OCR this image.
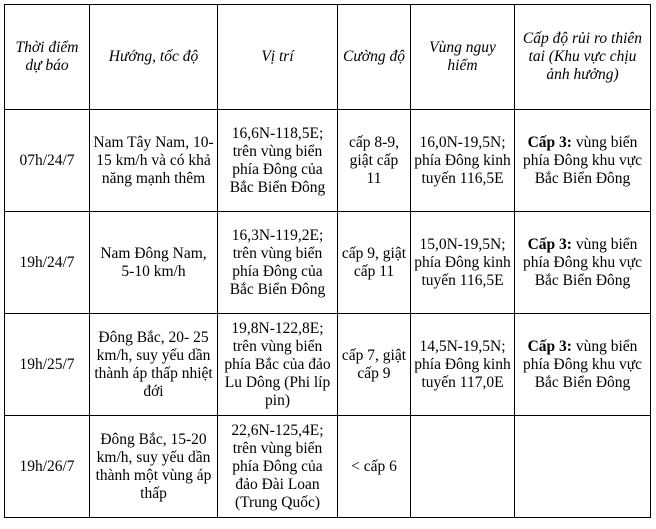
Thời điểm dự báo	Hướng, tốc độ	Vị trí	Cường độ	Vùng nguy hiểm	Cấp độ rủi ro thiên tai (Khu vực chịu ảnh hưởng)
07h/24/7	Nam Tây Nam, 10-15 km/h và có khả năng mạnh thêm	16,6N-118,5E; trên vùng biển phía Đông của Bắc Biển Đông	cấp 8-9, giật cấp 11	16,0N-19,5N; phía Đông kinh tuyến 116,5E	Cấp 3: vùng biển phía Đông khu vực Bắc Biển Đông
19h/24/7	Nam Đông Nam, 5-10 km/h	16,3N-119,2E; trên vùng biển phía Đông của Bắc Biển Đông	cấp 9, giật cấp 11	15,0N-19,5N; phía Đông kinh tuyến 116,5E	Cấp 3: vùng biển phía Đông khu vực Bắc Biển Đông
19h/25/7	Đông Bắc, 20- 25 km/h, suy yếu dần thành áp thấp nhiệt đới	19,8N-122,8E; trên vùng biển phía Bắc của đảo Lu Dông (Phi líp pin)	cấp 7, giật cấp 9	14,5N-19,5N; phía Đông kinh tuyến 117,0E	Cấp 3: vùng biển phía Đông khu vực Bắc Biển Đông
19h/26/7	Đông Bắc, 15-20 km/h, suy yếu dần thành một vùng áp thấp	22,6N-125,4E; trên vùng biển phía Đông của đảo Đài Loan (Trung Quốc)	< cấp 6		
